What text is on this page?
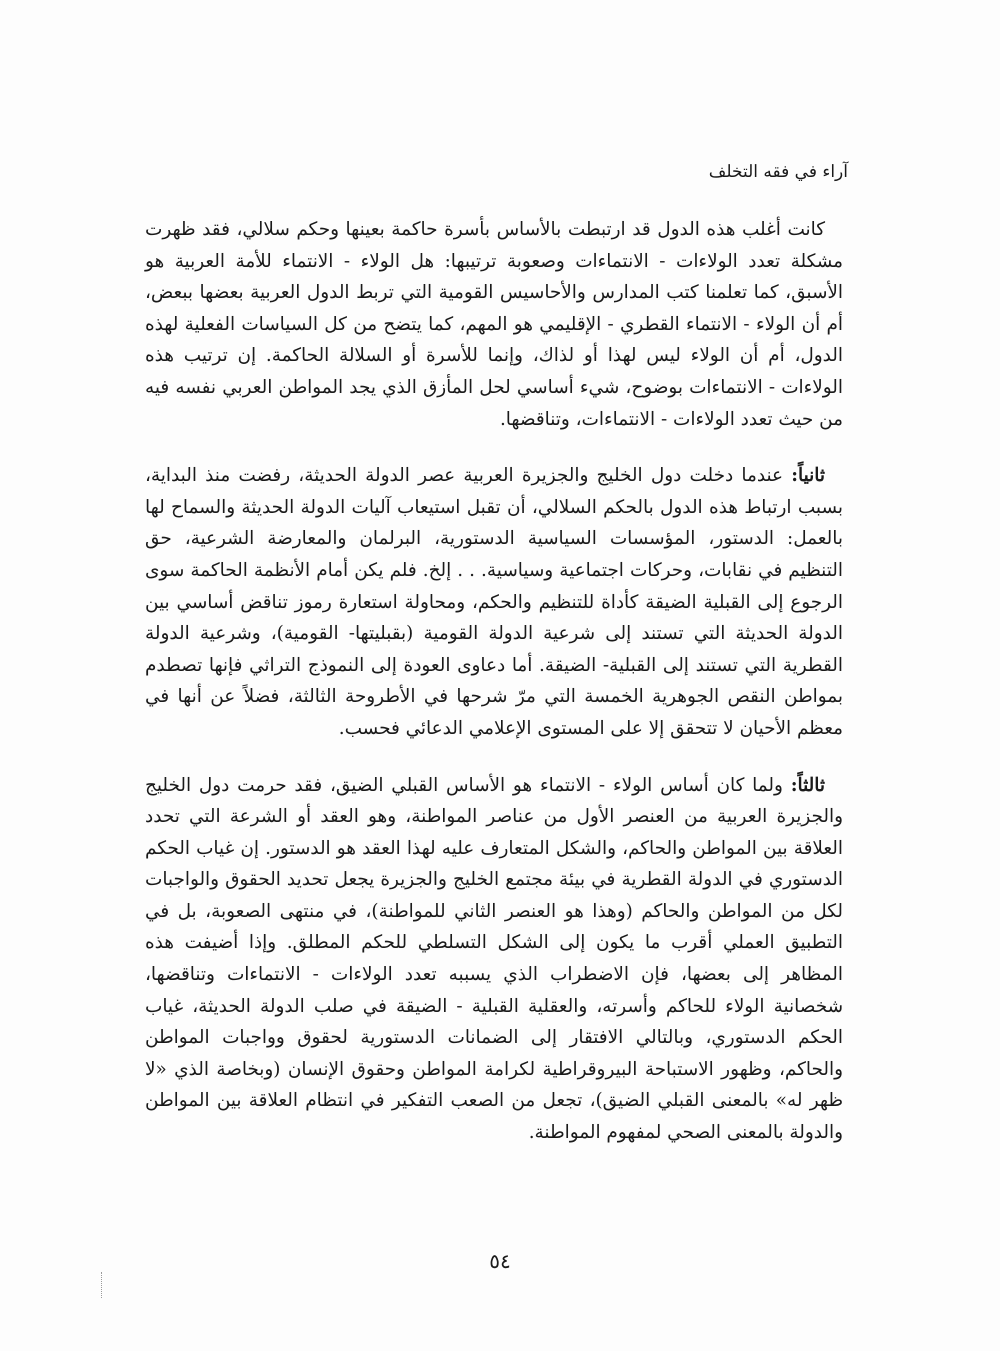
آراء في فقه التخلف

كانت أغلب هذه الدول قد ارتبطت بالأساس بأسرة حاكمة بعينها وحكم سلالي، فقد ظهرت مشكلة تعدد الولاءات - الانتماءات وصعوبة ترتيبها: هل الولاء - الانتماء للأمة العربية هو الأسبق، كما تعلمنا كتب المدارس والأحاسيس القومية التي تربط الدول العربية بعضها ببعض، أم أن الولاء - الانتماء القطري - الإقليمي هو المهم، كما يتضح من كل السياسات الفعلية لهذه الدول، أم أن الولاء ليس لهذا أو لذاك، وإنما للأسرة أو السلالة الحاكمة. إن ترتيب هذه الولاءات - الانتماءات بوضوح، شيء أساسي لحل المأزق الذي يجد المواطن العربي نفسه فيه من حيث تعدد الولاءات - الانتماءات، وتناقضها.

ثانياً: عندما دخلت دول الخليج والجزيرة العربية عصر الدولة الحديثة، رفضت منذ البداية، بسبب ارتباط هذه الدول بالحكم السلالي، أن تقبل استيعاب آليات الدولة الحديثة والسماح لها بالعمل: الدستور، المؤسسات السياسية الدستورية، البرلمان والمعارضة الشرعية، حق التنظيم في نقابات، وحركات اجتماعية وسياسية. . . إلخ. فلم يكن أمام الأنظمة الحاكمة سوى الرجوع إلى القبلية الضيقة كأداة للتنظيم والحكم، ومحاولة استعارة رموز تناقض أساسي بين الدولة الحديثة التي تستند إلى شرعية الدولة القومية (بقبليتها- القومية)، وشرعية الدولة القطرية التي تستند إلى القبلية- الضيقة. أما دعاوى العودة إلى النموذج التراثي فإنها تصطدم بمواطن النقص الجوهرية الخمسة التي مرّ شرحها في الأطروحة الثالثة، فضلاً عن أنها في معظم الأحيان لا تتحقق إلا على المستوى الإعلامي الدعائي فحسب.

ثالثاً: ولما كان أساس الولاء - الانتماء هو الأساس القبلي الضيق، فقد حرمت دول الخليج والجزيرة العربية من العنصر الأول من عناصر المواطنة، وهو العقد أو الشرعة التي تحدد العلاقة بين المواطن والحاكم، والشكل المتعارف عليه لهذا العقد هو الدستور. إن غياب الحكم الدستوري في الدولة القطرية في بيئة مجتمع الخليج والجزيرة يجعل تحديد الحقوق والواجبات لكل من المواطن والحاكم (وهذا هو العنصر الثاني للمواطنة)، في منتهى الصعوبة، بل في التطبيق العملي أقرب ما يكون إلى الشكل التسلطي للحكم المطلق. وإذا أضيفت هذه المظاهر إلى بعضها، فإن الاضطراب الذي يسببه تعدد الولاءات - الانتماءات وتناقضها، شخصانية الولاء للحاكم وأسرته، والعقلية القبلية - الضيقة في صلب الدولة الحديثة، غياب الحكم الدستوري، وبالتالي الافتقار إلى الضمانات الدستورية لحقوق وواجبات المواطن والحاكم، وظهور الاستباحة البيروقراطية لكرامة المواطن وحقوق الإنسان (وبخاصة الذي «لا ظهر له» بالمعنى القبلي الضيق)، تجعل من الصعب التفكير في انتظام العلاقة بين المواطن والدولة بالمعنى الصحي لمفهوم المواطنة.

٥٤
